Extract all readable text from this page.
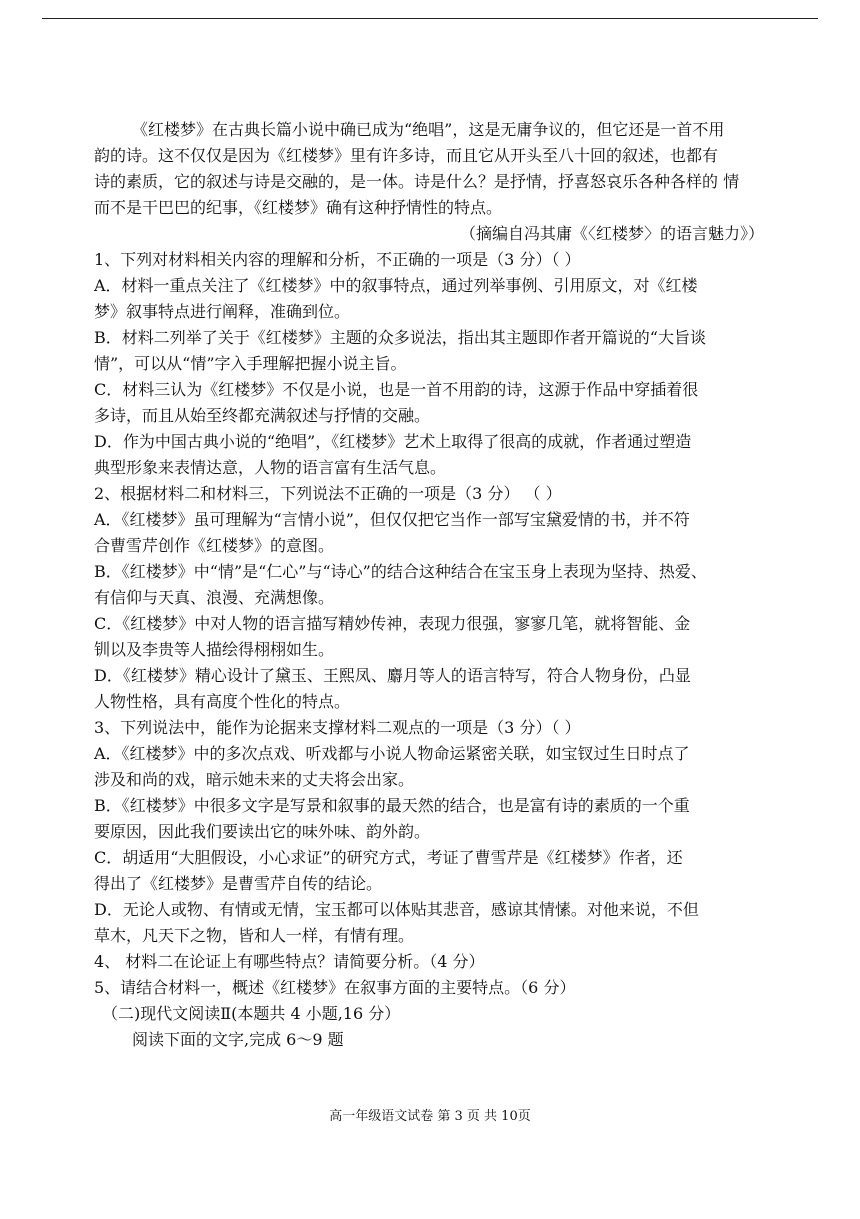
《红楼梦》在古典长篇小说中确已成为“绝唱”，这是无庸争议的，但它还是一首不用
韵的诗。这不仅仅是因为《红楼梦》里有许多诗，而且它从开头至八十回的叙述，也都有
诗的素质，它的叙述与诗是交融的，是一体。诗是什么？是抒情，抒喜怒哀乐各种各样的 情
而不是干巴巴的纪事，《红楼梦》确有这种抒情性的特点。
（摘编自冯其庸《〈红楼梦〉的语言魅力》）
1、下列对材料相关内容的理解和分析，不正确的一项是（3 分）（ ）
A．材料一重点关注了《红楼梦》中的叙事特点，通过列举事例、引用原文，对《红楼
梦》叙事特点进行阐释，准确到位。
B．材料二列举了关于《红楼梦》主题的众多说法，指出其主题即作者开篇说的“大旨谈
情”，可以从“情”字入手理解把握小说主旨。
C．材料三认为《红楼梦》不仅是小说，也是一首不用韵的诗，这源于作品中穿插着很
多诗，而且从始至终都充满叙述与抒情的交融。
D．作为中国古典小说的“绝唱”，《红楼梦》艺术上取得了很高的成就，作者通过塑造
典型形象来表情达意，人物的语言富有生活气息。
2、根据材料二和材料三，下列说法不正确的一项是（3 分） （ ）
A．《红楼梦》虽可理解为“言情小说”，但仅仅把它当作一部写宝黛爱情的书，并不符
合曹雪芹创作《红楼梦》的意图。
B．《红楼梦》中“情”是“仁心”与“诗心”的结合这种结合在宝玉身上表现为坚持、热爱、
有信仰与天真、浪漫、充满想像。
C．《红楼梦》中对人物的语言描写精妙传神，表现力很强，寥寥几笔，就将智能、金
钏以及李贵等人描绘得栩栩如生。
D．《红楼梦》精心设计了黛玉、王熙凤、麝月等人的语言特写，符合人物身份，凸显
人物性格，具有高度个性化的特点。
3、下列说法中，能作为论据来支撑材料二观点的一项是（3 分）（ ）
A．《红楼梦》中的多次点戏、听戏都与小说人物命运紧密关联，如宝钗过生日时点了
涉及和尚的戏，暗示她未来的丈夫将会出家。
B．《红楼梦》中很多文字是写景和叙事的最天然的结合，也是富有诗的素质的一个重
要原因，因此我们要读出它的味外味、韵外韵。
C．胡适用“大胆假设，小心求证”的研究方式，考证了曹雪芹是《红楼梦》作者，还
得出了《红楼梦》是曹雪芹自传的结论。
D．无论人或物、有情或无情，宝玉都可以体贴其悲音，感谅其情愫。对他来说，不但
草木，凡天下之物，皆和人一样，有情有理。
4、 材料二在论证上有哪些特点？请简要分析。（4 分）
5、请结合材料一，概述《红楼梦》在叙事方面的主要特点。（6 分）
（二)现代文阅读Ⅱ(本题共 4 小题,16 分）
阅读下面的文字,完成 6～9 题
高一年级语文试卷 第 3 页 共 10页
